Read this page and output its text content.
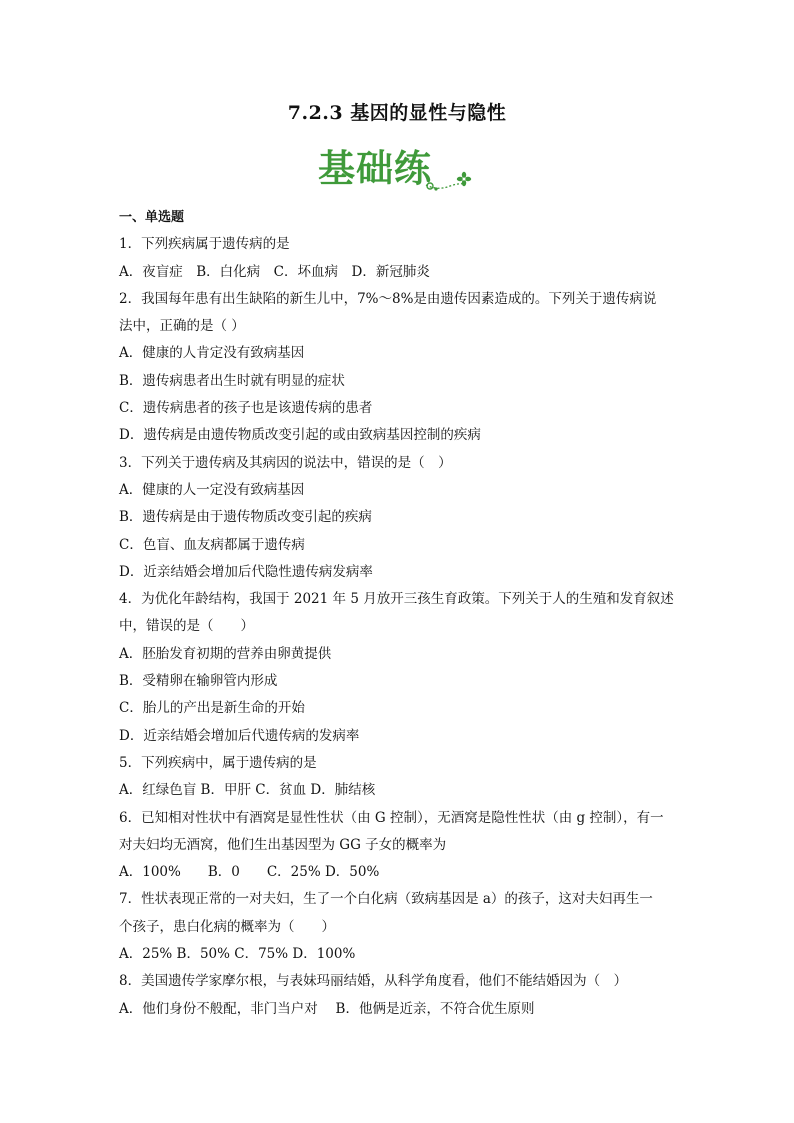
7.2.3 基因的显性与隐性
基础练
一、单选题
1．下列疾病属于遗传病的是
A．夜盲症　B．白化病　C．坏血病　D．新冠肺炎
2．我国每年患有出生缺陷的新生儿中，7%～8%是由遗传因素造成的。下列关于遗传病说
法中，正确的是（ ）
A．健康的人肯定没有致病基因
B．遗传病患者出生时就有明显的症状
C．遗传病患者的孩子也是该遗传病的患者
D．遗传病是由遗传物质改变引起的或由致病基因控制的疾病
3．下列关于遗传病及其病因的说法中，错误的是（　）
A．健康的人一定没有致病基因
B．遗传病是由于遗传物质改变引起的疾病
C．色盲、血友病都属于遗传病
D．近亲结婚会增加后代隐性遗传病发病率
4．为优化年龄结构，我国于 2021 年 5 月放开三孩生育政策。下列关于人的生殖和发育叙述
中，错误的是（　　）
A．胚胎发育初期的营养由卵黄提供
B．受精卵在输卵管内形成
C．胎儿的产出是新生命的开始
D．近亲结婚会增加后代遗传病的发病率
5．下列疾病中，属于遗传病的是
A．红绿色盲 B．甲肝 C．贫血 D．肺结核
6．已知相对性状中有酒窝是显性性状（由 G 控制），无酒窝是隐性性状（由 g 控制），有一
对夫妇均无酒窝，他们生出基因型为 GG 子女的概率为
A．100%　　B．0　　C．25% D．50%
7．性状表现正常的一对夫妇，生了一个白化病（致病基因是 a）的孩子，这对夫妇再生一
个孩子，患白化病的概率为（　　）
A．25% B．50% C．75% D．100%
8．美国遗传学家摩尔根，与表妹玛丽结婚，从科学角度看，他们不能结婚因为（　）
A．他们身份不般配，非门当户对　 B．他俩是近亲，不符合优生原则
